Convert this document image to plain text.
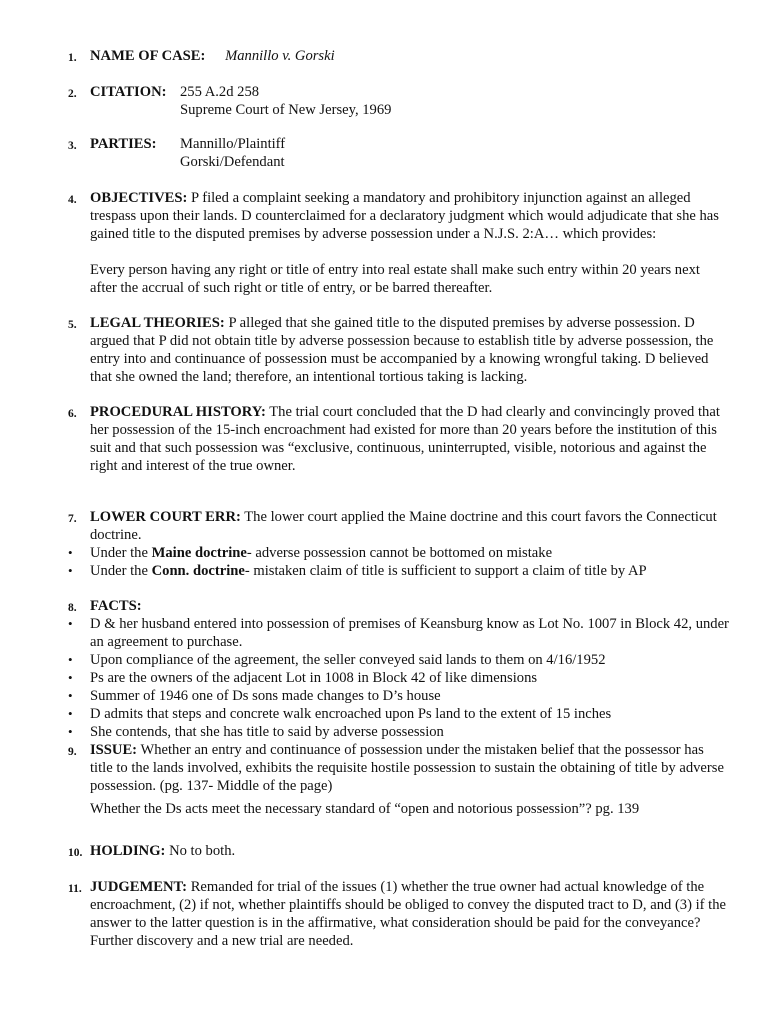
1. NAME OF CASE: Mannillo v. Gorski
2. CITATION: 255 A.2d 258
Supreme Court of New Jersey, 1969
3. PARTIES:	Mannillo/Plaintiff
Gorski/Defendant
4. OBJECTIVES: P filed a complaint seeking a mandatory and prohibitory injunction against an alleged trespass upon their lands. D counterclaimed for a declaratory judgment which would adjudicate that she has gained title to the disputed premises by adverse possession under a N.J.S. 2:A… which provides:

Every person having any right or title of entry into real estate shall make such entry within 20 years next after the accrual of such right or title of entry, or be barred thereafter.
5. LEGAL THEORIES: P alleged that she gained title to the disputed premises by adverse possession. D argued that P did not obtain title by adverse possession because to establish title by adverse possession, the entry into and continuance of possession must be accompanied by a knowing wrongful taking. D believed that she owned the land; therefore, an intentional tortious taking is lacking.

6. PROCEDURAL HISTORY: The trial court concluded that the D had clearly and convincingly proved that her possession of the 15-inch encroachment had existed for more than 20 years before the institution of this suit and that such possession was “exclusive, continuous, uninterrupted, visible, notorious and against the right and interest of the true owner.

7. LOWER COURT ERR: The lower court applied the Maine doctrine and this court favors the Connecticut doctrine.

• Under the Maine doctrine- adverse possession cannot be bottomed on mistake
• Under the Conn. doctrine- mistaken claim of title is sufficient to support a claim of title by AP
8. FACTS:
• D & her husband entered into possession of premises of Keansburg know as Lot No. 1007 in Block 42, under an agreement to purchase.
• Upon compliance of the agreement, the seller conveyed said lands to them on 4/16/1952
• Ps are the owners of the adjacent Lot in 1008 in Block 42 of like dimensions
• Summer of 1946 one of Ds sons made changes to D’s house
• D admits that steps and concrete walk encroached upon Ps land to the extent of 15 inches
• She contends, that she has title to said by adverse possession
9. ISSUE: Whether an entry and continuance of possession under the mistaken belief that the possessor has title to the lands involved, exhibits the requisite hostile possession to sustain the obtaining of title by adverse possession. (pg. 137- Middle of the page)

Whether the Ds acts meet the necessary standard of “open and notorious possession”? pg. 139
10. HOLDING: No to both.
11. JUDGEMENT: Remanded for trial of the issues (1) whether the true owner had actual knowledge of the encroachment, (2) if not, whether plaintiffs should be obliged to convey the disputed tract to D, and (3) if the answer to the latter question is in the affirmative, what consideration should be paid for the conveyance? Further discovery and a new trial are needed.
